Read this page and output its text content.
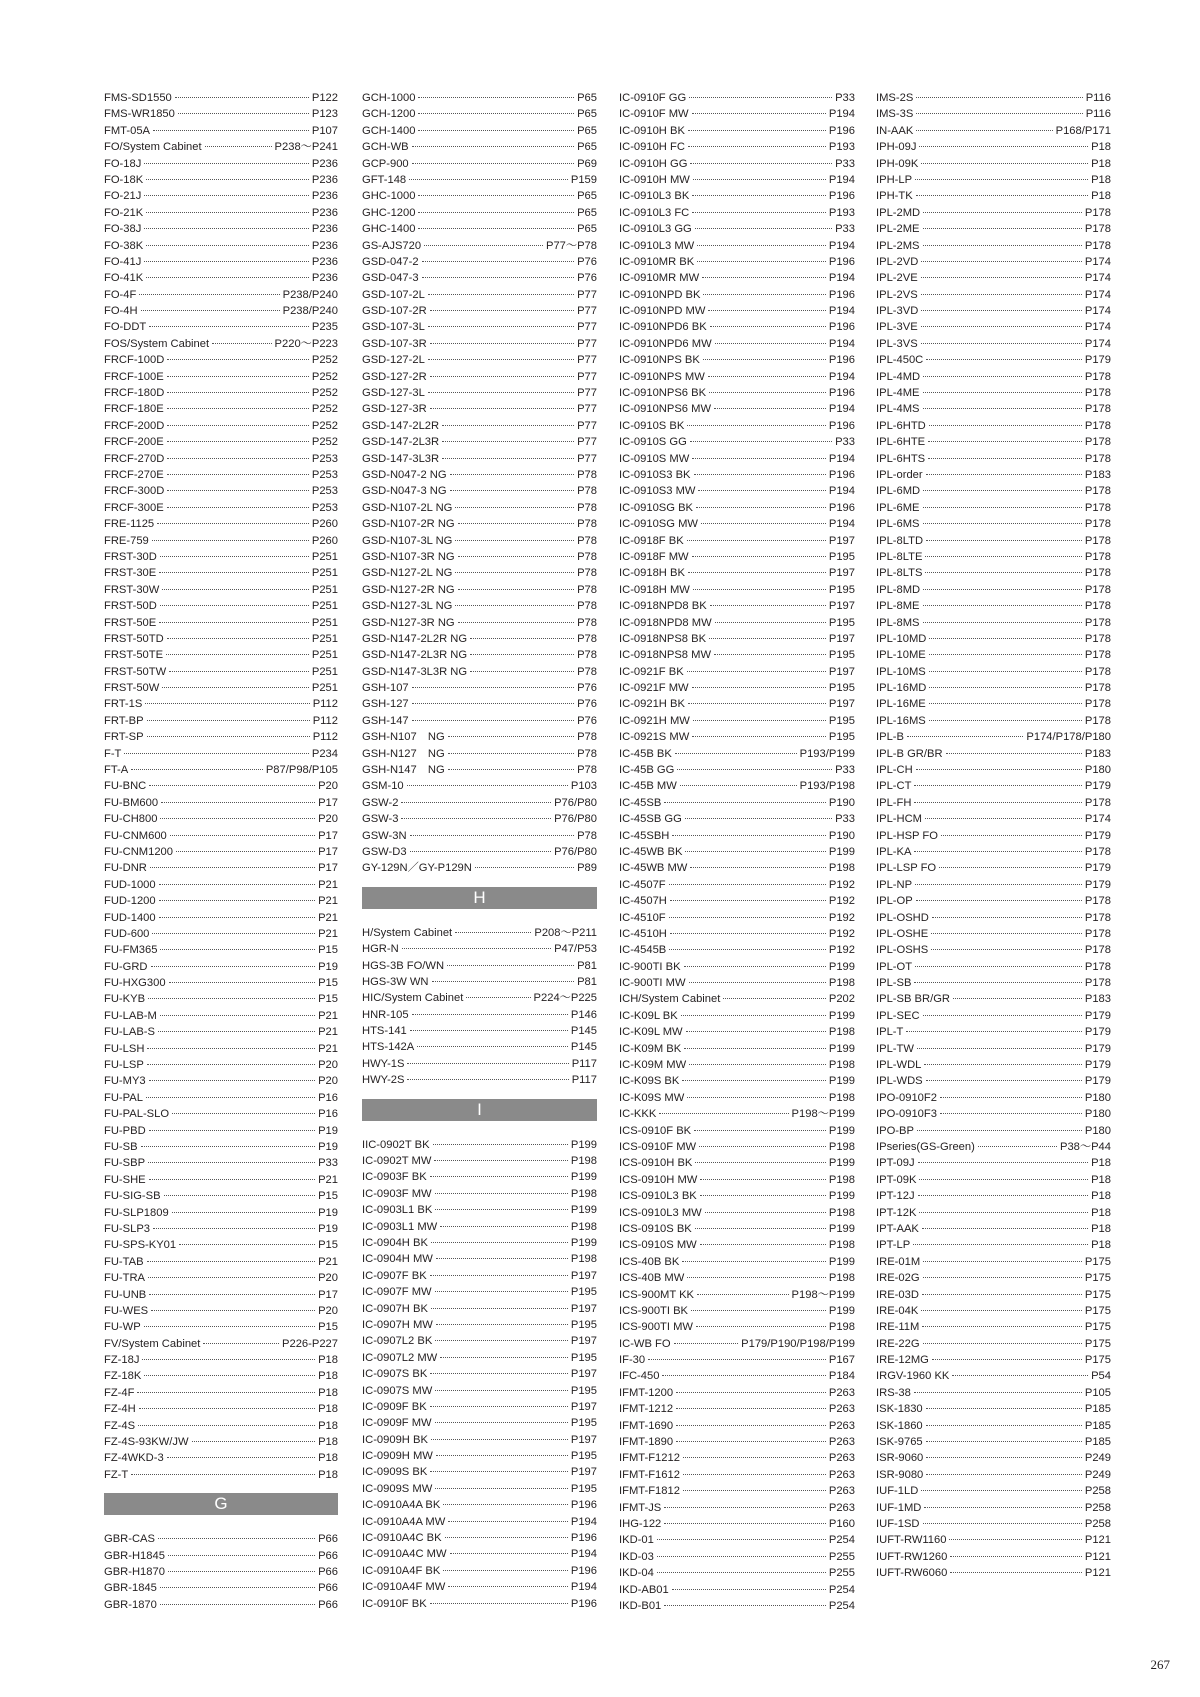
FMS-SD1550	P122
FMS-WR1850	P123
FMT-05A	P107
FO/System Cabinet	P238～P241
FO-18J	P236
FO-18K	P236
FO-21J	P236
FO-21K	P236
FO-38J	P236
FO-38K	P236
FO-41J	P236
FO-41K	P236
FO-4F	P238/P240
FO-4H	P238/P240
FO-DDT	P235
FOS/System Cabinet	P220～P223
FRCF-100D	P252
FRCF-100E	P252
FRCF-180D	P252
FRCF-180E	P252
FRCF-200D	P252
FRCF-200E	P252
FRCF-270D	P253
FRCF-270E	P253
FRCF-300D	P253
FRCF-300E	P253
FRE-1125	P260
FRE-759	P260
FRST-30D	P251
FRST-30E	P251
FRST-30W	P251
FRST-50D	P251
FRST-50E	P251
FRST-50TD	P251
FRST-50TE	P251
FRST-50TW	P251
FRST-50W	P251
FRT-1S	P112
FRT-BP	P112
FRT-SP	P112
F-T	P234
FT-A	P87/P98/P105
FU-BNC	P20
FU-BM600	P17
FU-CH800	P20
FU-CNM600	P17
FU-CNM1200	P17
FU-DNR	P17
FUD-1000	P21
FUD-1200	P21
FUD-1400	P21
FUD-600	P21
FU-FM365	P15
FU-GRD	P19
FU-HXG300	P15
FU-KYB	P15
FU-LAB-M	P21
FU-LAB-S	P21
FU-LSH	P21
FU-LSP	P20
FU-MY3	P20
FU-PAL	P16
FU-PAL-SLO	P16
FU-PBD	P19
FU-SB	P19
FU-SBP	P33
FU-SHE	P21
FU-SIG-SB	P15
FU-SLP1809	P19
FU-SLP3	P19
FU-SPS-KY01	P15
FU-TAB	P21
FU-TRA	P20
FU-UNB	P17
FU-WES	P20
FU-WP	P15
FV/System Cabinet	P226-P227
FZ-18J	P18
FZ-18K	P18
FZ-4F	P18
FZ-4H	P18
FZ-4S	P18
FZ-4S-93KW/JW	P18
FZ-4WKD-3	P18
FZ-T	P18
G
GBR-CAS	P66
GBR-H1845	P66
GBR-H1870	P66
GBR-1845	P66
GBR-1870	P66
GCH-1000	P65
GCH-1200	P65
GCH-1400	P65
GCH-WB	P65
GCP-900	P69
GFT-148	P159
GHC-1000	P65
GHC-1200	P65
GHC-1400	P65
GS-AJS720	P77～P78
GSD-047-2	P76
GSD-047-3	P76
GSD-107-2L	P77
GSD-107-2R	P77
GSD-107-3L	P77
GSD-107-3R	P77
GSD-127-2L	P77
GSD-127-2R	P77
GSD-127-3L	P77
GSD-127-3R	P77
GSD-147-2L2R	P77
GSD-147-2L3R	P77
GSD-147-3L3R	P77
GSD-N047-2 NG	P78
GSD-N047-3 NG	P78
GSD-N107-2L NG	P78
GSD-N107-2R NG	P78
GSD-N107-3L NG	P78
GSD-N107-3R NG	P78
GSD-N127-2L NG	P78
GSD-N127-2R NG	P78
GSD-N127-3L NG	P78
GSD-N127-3R NG	P78
GSD-N147-2L2R NG	P78
GSD-N147-2L3R NG	P78
GSD-N147-3L3R NG	P78
GSH-107	P76
GSH-127	P76
GSH-147	P76
GSH-N107　NG	P78
GSH-N127　NG	P78
GSH-N147　NG	P78
GSM-10	P103
GSW-2	P76/P80
GSW-3	P76/P80
GSW-3N	P78
GSW-D3	P76/P80
GY-129N／GY-P129N	P89
H
H/System Cabinet	P208～P211
HGR-N	P47/P53
HGS-3B FO/WN	P81
HGS-3W WN	P81
HIC/System Cabinet	P224～P225
HNR-105	P146
HTS-141	P145
HTS-142A	P145
HWY-1S	P117
HWY-2S	P117
I
IIC-0902T BK	P199
IC-0902T MW	P198
IC-0903F BK	P199
IC-0903F MW	P198
IC-0903L1 BK	P199
IC-0903L1 MW	P198
IC-0904H BK	P199
IC-0904H MW	P198
IC-0907F BK	P197
IC-0907F MW	P195
IC-0907H BK	P197
IC-0907H MW	P195
IC-0907L2 BK	P197
IC-0907L2 MW	P195
IC-0907S BK	P197
IC-0907S MW	P195
IC-0909F BK	P197
IC-0909F MW	P195
IC-0909H BK	P197
IC-0909H MW	P195
IC-0909S BK	P197
IC-0909S MW	P195
IC-0910A4A BK	P196
IC-0910A4A MW	P194
IC-0910A4C BK	P196
IC-0910A4C MW	P194
IC-0910A4F BK	P196
IC-0910A4F MW	P194
IC-0910F BK	P196
IC-0910F GG	P33
IC-0910F MW	P194
IC-0910H BK	P196
IC-0910H FC	P193
IC-0910H GG	P33
IC-0910H MW	P194
IC-0910L3 BK	P196
IC-0910L3 FC	P193
IC-0910L3 GG	P33
IC-0910L3 MW	P194
IC-0910MR BK	P196
IC-0910MR MW	P194
IC-0910NPD BK	P196
IC-0910NPD MW	P194
IC-0910NPD6 BK	P196
IC-0910NPD6 MW	P194
IC-0910NPS BK	P196
IC-0910NPS MW	P194
IC-0910NPS6 BK	P196
IC-0910NPS6 MW	P194
IC-0910S BK	P196
IC-0910S GG	P33
IC-0910S MW	P194
IC-0910S3 BK	P196
IC-0910S3 MW	P194
IC-0910SG BK	P196
IC-0910SG MW	P194
IC-0918F BK	P197
IC-0918F MW	P195
IC-0918H BK	P197
IC-0918H MW	P195
IC-0918NPD8 BK	P197
IC-0918NPD8 MW	P195
IC-0918NPS8 BK	P197
IC-0918NPS8 MW	P195
IC-0921F BK	P197
IC-0921F MW	P195
IC-0921H BK	P197
IC-0921H MW	P195
IC-0921S MW	P195
IC-45B BK	P193/P199
IC-45B GG	P33
IC-45B MW	P193/P198
IC-45SB	P190
IC-45SB GG	P33
IC-45SBH	P190
IC-45WB BK	P199
IC-45WB MW	P198
IC-4507F	P192
IC-4507H	P192
IC-4510F	P192
IC-4510H	P192
IC-4545B	P192
IC-900TI BK	P199
IC-900TI MW	P198
ICH/System Cabinet	P202
IC-K09L BK	P199
IC-K09L MW	P198
IC-K09M BK	P199
IC-K09M MW	P198
IC-K09S BK	P199
IC-K09S MW	P198
IC-KKK	P198～P199
ICS-0910F BK	P199
ICS-0910F MW	P198
ICS-0910H BK	P199
ICS-0910H MW	P198
ICS-0910L3 BK	P199
ICS-0910L3 MW	P198
ICS-0910S BK	P199
ICS-0910S MW	P198
ICS-40B BK	P199
ICS-40B MW	P198
ICS-900MT KK	P198～P199
ICS-900TI BK	P199
ICS-900TI MW	P198
IC-WB FO	P179/P190/P198/P199
IF-30	P167
IFC-450	P184
IFMT-1200	P263
IFMT-1212	P263
IFMT-1690	P263
IFMT-1890	P263
IFMT-F1212	P263
IFMT-F1612	P263
IFMT-F1812	P263
IFMT-JS	P263
IHG-122	P160
IKD-01	P254
IKD-03	P255
IKD-04	P255
IKD-AB01	P254
IKD-B01	P254
IMS-2S	P116
IMS-3S	P116
IN-AAK	P168/P171
IPH-09J	P18
IPH-09K	P18
IPH-LP	P18
IPH-TK	P18
IPL-2MD	P178
IPL-2ME	P178
IPL-2MS	P178
IPL-2VD	P174
IPL-2VE	P174
IPL-2VS	P174
IPL-3VD	P174
IPL-3VE	P174
IPL-3VS	P174
IPL-450C	P179
IPL-4MD	P178
IPL-4ME	P178
IPL-4MS	P178
IPL-6HTD	P178
IPL-6HTE	P178
IPL-6HTS	P178
IPL-order	P183
IPL-6MD	P178
IPL-6ME	P178
IPL-6MS	P178
IPL-8LTD	P178
IPL-8LTE	P178
IPL-8LTS	P178
IPL-8MD	P178
IPL-8ME	P178
IPL-8MS	P178
IPL-10MD	P178
IPL-10ME	P178
IPL-10MS	P178
IPL-16MD	P178
IPL-16ME	P178
IPL-16MS	P178
IPL-B	P174/P178/P180
IPL-B GR/BR	P183
IPL-CH	P180
IPL-CT	P179
IPL-FH	P178
IPL-HCM	P174
IPL-HSP FO	P179
IPL-KA	P178
IPL-LSP FO	P179
IPL-NP	P179
IPL-OP	P178
IPL-OSHD	P178
IPL-OSHE	P178
IPL-OSHS	P178
IPL-OT	P178
IPL-SB	P178
IPL-SB BR/GR	P183
IPL-SEC	P179
IPL-T	P179
IPL-TW	P179
IPL-WDL	P179
IPL-WDS	P179
IPO-0910F2	P180
IPO-0910F3	P180
IPO-BP	P180
IPseries(GS-Green)	P38～P44
IPT-09J	P18
IPT-09K	P18
IPT-12J	P18
IPT-12K	P18
IPT-AAK	P18
IPT-LP	P18
IRE-01M	P175
IRE-02G	P175
IRE-03D	P175
IRE-04K	P175
IRE-11M	P175
IRE-22G	P175
IRE-12MG	P175
IRGV-1960 KK	P54
IRS-38	P105
ISK-1830	P185
ISK-1860	P185
ISK-9765	P185
ISR-9060	P249
ISR-9080	P249
IUF-1LD	P258
IUF-1MD	P258
IUF-1SD	P258
IUFT-RW1160	P121
IUFT-RW1260	P121
IUFT-RW6060	P121
267
